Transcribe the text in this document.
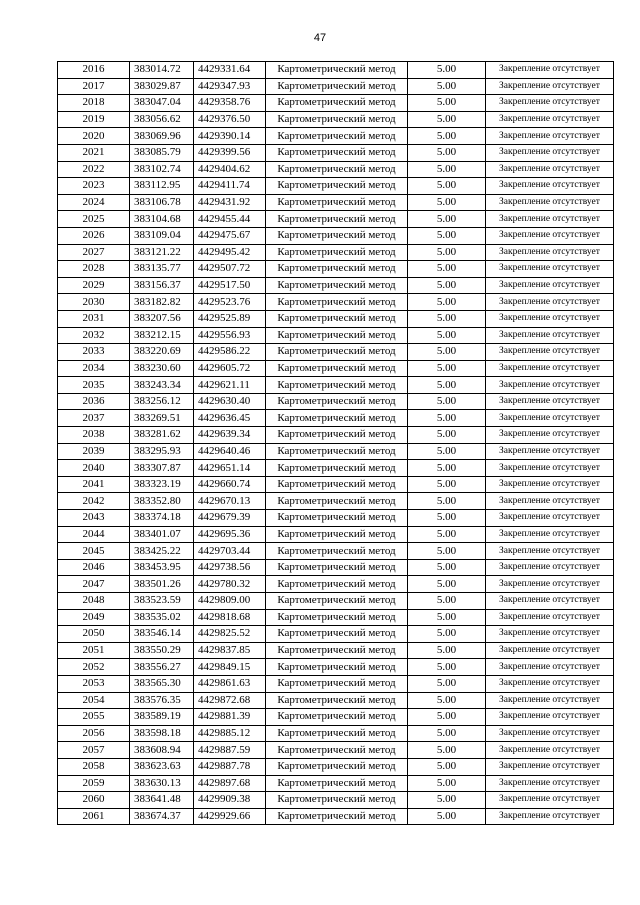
47
2016	383014.72	4429331.64	Картометрический метод	5.00	Закрепление отсутствует
2017	383029.87	4429347.93	Картометрический метод	5.00	Закрепление отсутствует
2018	383047.04	4429358.76	Картометрический метод	5.00	Закрепление отсутствует
2019	383056.62	4429376.50	Картометрический метод	5.00	Закрепление отсутствует
2020	383069.96	4429390.14	Картометрический метод	5.00	Закрепление отсутствует
2021	383085.79	4429399.56	Картометрический метод	5.00	Закрепление отсутствует
2022	383102.74	4429404.62	Картометрический метод	5.00	Закрепление отсутствует
2023	383112.95	4429411.74	Картометрический метод	5.00	Закрепление отсутствует
2024	383106.78	4429431.92	Картометрический метод	5.00	Закрепление отсутствует
2025	383104.68	4429455.44	Картометрический метод	5.00	Закрепление отсутствует
2026	383109.04	4429475.67	Картометрический метод	5.00	Закрепление отсутствует
2027	383121.22	4429495.42	Картометрический метод	5.00	Закрепление отсутствует
2028	383135.77	4429507.72	Картометрический метод	5.00	Закрепление отсутствует
2029	383156.37	4429517.50	Картометрический метод	5.00	Закрепление отсутствует
2030	383182.82	4429523.76	Картометрический метод	5.00	Закрепление отсутствует
2031	383207.56	4429525.89	Картометрический метод	5.00	Закрепление отсутствует
2032	383212.15	4429556.93	Картометрический метод	5.00	Закрепление отсутствует
2033	383220.69	4429586.22	Картометрический метод	5.00	Закрепление отсутствует
2034	383230.60	4429605.72	Картометрический метод	5.00	Закрепление отсутствует
2035	383243.34	4429621.11	Картометрический метод	5.00	Закрепление отсутствует
2036	383256.12	4429630.40	Картометрический метод	5.00	Закрепление отсутствует
2037	383269.51	4429636.45	Картометрический метод	5.00	Закрепление отсутствует
2038	383281.62	4429639.34	Картометрический метод	5.00	Закрепление отсутствует
2039	383295.93	4429640.46	Картометрический метод	5.00	Закрепление отсутствует
2040	383307.87	4429651.14	Картометрический метод	5.00	Закрепление отсутствует
2041	383323.19	4429660.74	Картометрический метод	5.00	Закрепление отсутствует
2042	383352.80	4429670.13	Картометрический метод	5.00	Закрепление отсутствует
2043	383374.18	4429679.39	Картометрический метод	5.00	Закрепление отсутствует
2044	383401.07	4429695.36	Картометрический метод	5.00	Закрепление отсутствует
2045	383425.22	4429703.44	Картометрический метод	5.00	Закрепление отсутствует
2046	383453.95	4429738.56	Картометрический метод	5.00	Закрепление отсутствует
2047	383501.26	4429780.32	Картометрический метод	5.00	Закрепление отсутствует
2048	383523.59	4429809.00	Картометрический метод	5.00	Закрепление отсутствует
2049	383535.02	4429818.68	Картометрический метод	5.00	Закрепление отсутствует
2050	383546.14	4429825.52	Картометрический метод	5.00	Закрепление отсутствует
2051	383550.29	4429837.85	Картометрический метод	5.00	Закрепление отсутствует
2052	383556.27	4429849.15	Картометрический метод	5.00	Закрепление отсутствует
2053	383565.30	4429861.63	Картометрический метод	5.00	Закрепление отсутствует
2054	383576.35	4429872.68	Картометрический метод	5.00	Закрепление отсутствует
2055	383589.19	4429881.39	Картометрический метод	5.00	Закрепление отсутствует
2056	383598.18	4429885.12	Картометрический метод	5.00	Закрепление отсутствует
2057	383608.94	4429887.59	Картометрический метод	5.00	Закрепление отсутствует
2058	383623.63	4429887.78	Картометрический метод	5.00	Закрепление отсутствует
2059	383630.13	4429897.68	Картометрический метод	5.00	Закрепление отсутствует
2060	383641.48	4429909.38	Картометрический метод	5.00	Закрепление отсутствует
2061	383674.37	4429929.66	Картометрический метод	5.00	Закрепление отсутствует
